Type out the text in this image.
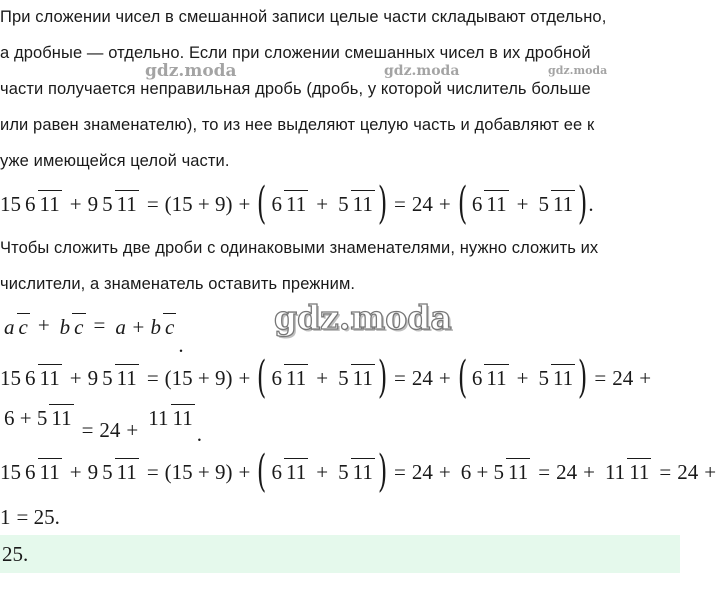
При сложении чисел в смешанной записи целые части складывают отдельно,
а дробные — отдельно. Если при сложении смешанных чисел в их дробной
части получается неправильная дробь (дробь, у которой числитель больше
или равен знаменателю), то из нее выделяют целую часть и добавляют ее к
уже имеющейся целой части.
gdz.moda	gdz.moda	gdz.moda
15 6 11 + 9 5 11 = (15 + 9) + ( 6 11 + 5 11 ) = 24 + ( 6 11 + 5 11 ) .
Чтобы сложить две дроби с одинаковыми знаменателями, нужно сложить их
числители, а знаменатель оставить прежним.
a c + b c = a + b c
.
gdz.moda
15 6 11 + 9 5 11 = (15 + 9) + ( 6 11 + 5 11 ) = 24 + ( 6 11 + 5 11 ) = 24 +
6 + 5 11 = 24 + 11 11
.
15 6 11 + 9 5 11 = (15 + 9) + ( 6 11 + 5 11 ) = 24 + 6 + 5 11 = 24 + 11 11 = 24 +
1 = 25.
25.
